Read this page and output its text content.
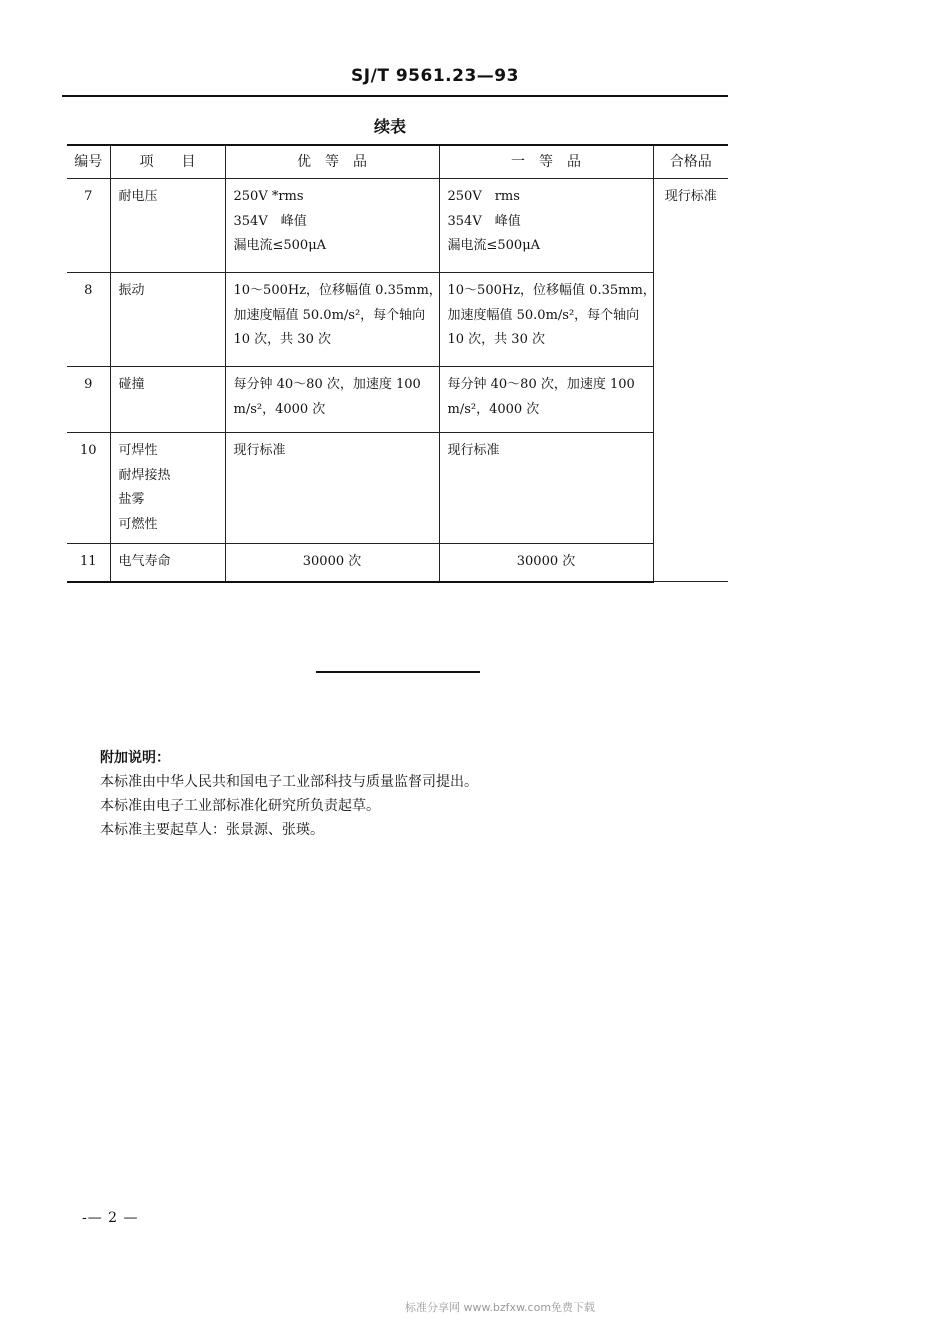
SJ/T 9561.23—93
续表
编号	项　　目	优　等　品	一　等　品	合格品
7	耐电压	250V *rms
354V　峰值
漏电流≤500μA	250V　rms
354V　峰值
漏电流≤500μA	现行标准
8	振动	10～500Hz，位移幅值 0.35mm，
加速度幅值 50.0m/s²，每个轴向
10 次，共 30 次	10～500Hz，位移幅值 0.35mm，
加速度幅值 50.0m/s²，每个轴向
10 次，共 30 次	

9	碰撞	每分钟 40～80 次，加速度 100
m/s²，4000 次	每分钟 40～80 次，加速度 100
m/s²，4000 次	

10	可焊性
耐焊接热
盐雾
可燃性	现行标准	现行标准	

11	电气寿命	30000 次	30000 次	
附加说明：
本标准由中华人民共和国电子工业部科技与质量监督司提出。
本标准由电子工业部标准化研究所负责起草。
本标准主要起草人：张景源、张瑛。
-— 2 —
标准分享网 www.bzfxw.com免费下载
